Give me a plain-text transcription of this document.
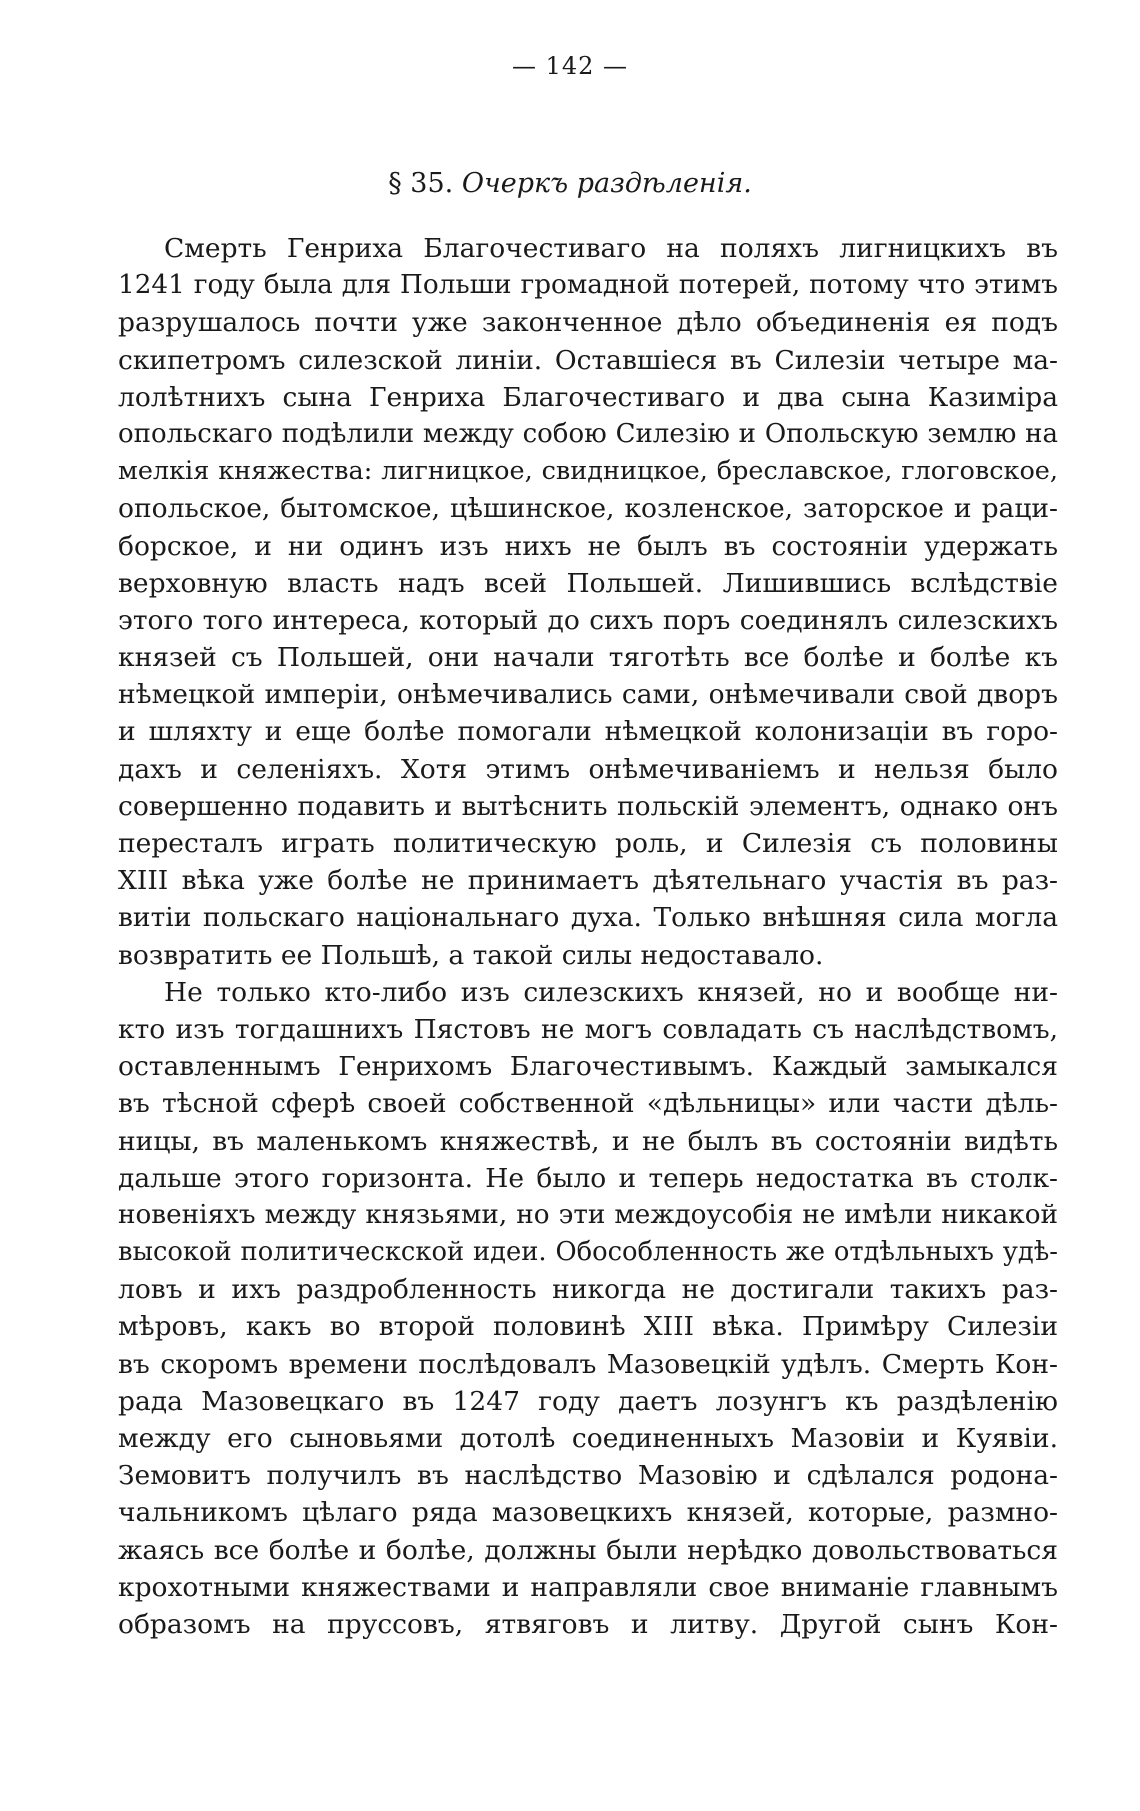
— 142 —
§ 35. Очеркъ раздѣленія.
Смерть Генриха Благочестиваго на поляхъ лигницкихъ въ
1241 году была для Польши громадной потерей, потому что этимъ
разрушалось почти уже законченное дѣло объединенія ея подъ
скипетромъ силезской линіи. Оставшіеся въ Силезіи четыре ма-
лолѣтнихъ сына Генриха Благочестиваго и два сына Казиміра
опольскаго подѣлили между собою Силезію и Опольскую землю на
мелкія княжества: лигницкое, свидницкое, бреславское, глоговское,
опольское, бытомское, цѣшинское, козленское, заторское и раци-
борское, и ни одинъ изъ нихъ не былъ въ состояніи удержать
верховную власть надъ всей Польшей. Лишившись вслѣдствіе
этого того интереса, который до сихъ поръ соединялъ силезскихъ
князей съ Польшей, они начали тяготѣть все болѣе и болѣе къ
нѣмецкой имперіи, онѣмечивались сами, онѣмечивали свой дворъ
и шляхту и еще болѣе помогали нѣмецкой колонизаціи въ горо-
дахъ и селеніяхъ. Хотя этимъ онѣмечиваніемъ и нельзя было
совершенно подавить и вытѣснить польскій элементъ, однако онъ
пересталъ играть политическую роль, и Силезія съ половины
XIII вѣка уже болѣе не принимаетъ дѣятельнаго участія въ раз-
витіи польскаго національнаго духа. Только внѣшняя сила могла
возвратить ее Польшѣ, а такой силы недоставало.
Не только кто-либо изъ силезскихъ князей, но и вообще ни-
кто изъ тогдашнихъ Пястовъ не могъ совладать съ наслѣдствомъ,
оставленнымъ Генрихомъ Благочестивымъ. Каждый замыкался
въ тѣсной сферѣ своей собственной «дѣльницы» или части дѣль-
ницы, въ маленькомъ княжествѣ, и не былъ въ состояніи видѣть
дальше этого горизонта. Не было и теперь недостатка въ столк-
новеніяхъ между князьями, но эти междоусобія не имѣли никакой
высокой политическской идеи. Обособленность же отдѣльныхъ удѣ-
ловъ и ихъ раздробленность никогда не достигали такихъ раз-
мѣровъ, какъ во второй половинѣ XIII вѣка. Примѣру Силезіи
въ скоромъ времени послѣдовалъ Мазовецкій удѣлъ. Смерть Кон-
рада Мазовецкаго въ 1247 году даетъ лозунгъ къ раздѣленію
между его сыновьями дотолѣ соединенныхъ Мазовіи и Куявіи.
Земовитъ получилъ въ наслѣдство Мазовію и сдѣлался родона-
чальникомъ цѣлаго ряда мазовецкихъ князей, которые, размно-
жаясь все болѣе и болѣе, должны были нерѣдко довольствоваться
крохотными княжествами и направляли свое вниманіе главнымъ
образомъ на пруссовъ, ятвяговъ и литву. Другой сынъ Кон-
